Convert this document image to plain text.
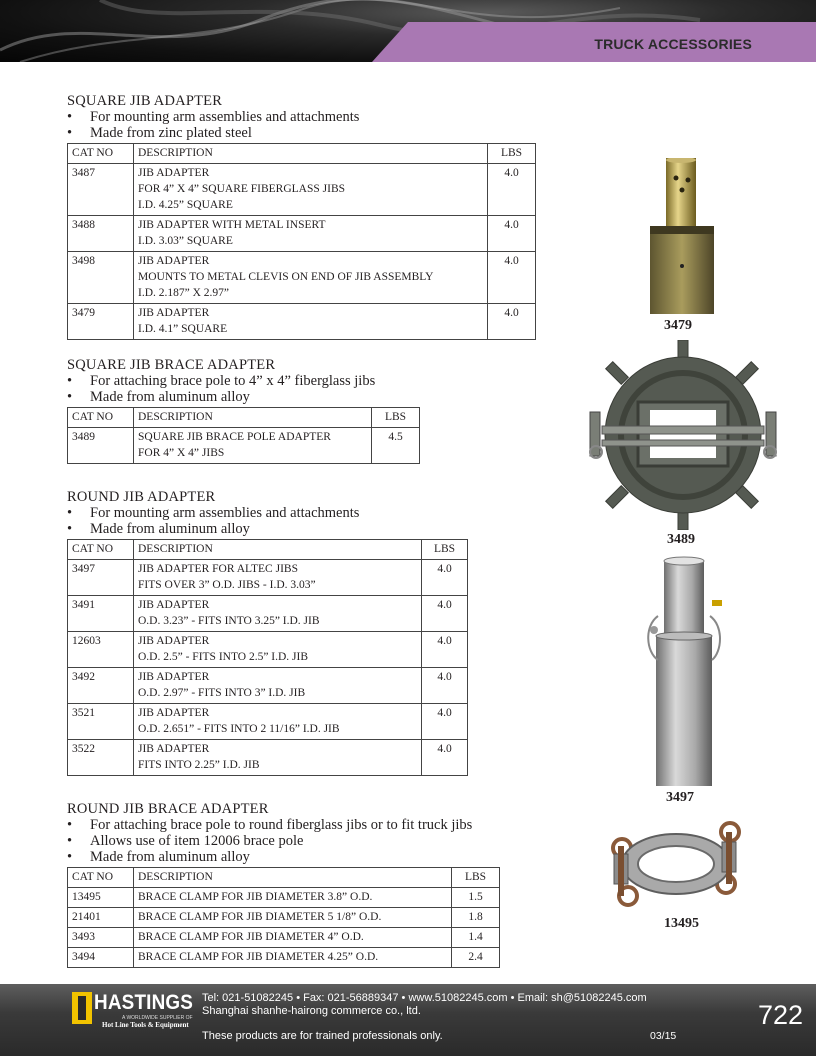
TRUCK ACCESSORIES
SQUARE JIB ADAPTER
• For mounting arm assemblies and attachments
• Made from zinc plated steel
CAT NO	DESCRIPTION	LBS
3487	JIB ADAPTER
FOR 4” X 4” SQUARE FIBERGLASS JIBS
I.D. 4.25” SQUARE	4.0
3488	JIB ADAPTER WITH METAL INSERT
I.D. 3.03” SQUARE	4.0
3498	JIB ADAPTER
MOUNTS TO METAL CLEVIS ON END OF JIB ASSEMBLY
I.D. 2.187” X 2.97”	4.0
3479	JIB ADAPTER
I.D. 4.1” SQUARE	4.0
SQUARE JIB BRACE ADAPTER
• For attaching brace pole to 4” x 4” fiberglass jibs
• Made from aluminum alloy
CAT NO	DESCRIPTION	LBS
3489	SQUARE JIB BRACE POLE ADAPTER
FOR 4” X 4” JIBS	4.5
ROUND JIB ADAPTER
• For mounting arm assemblies and attachments
• Made from aluminum alloy
CAT NO	DESCRIPTION	LBS
3497	JIB ADAPTER FOR ALTEC JIBS
FITS OVER 3” O.D. JIBS - I.D. 3.03”	4.0
3491	JIB ADAPTER
O.D. 3.23” - FITS INTO 3.25” I.D. JIB	4.0
12603	JIB ADAPTER
O.D. 2.5” - FITS INTO 2.5” I.D. JIB	4.0
3492	JIB ADAPTER
O.D. 2.97” - FITS INTO 3” I.D. JIB	4.0
3521	JIB ADAPTER
O.D. 2.651” - FITS INTO 2 11/16” I.D. JIB	4.0
3522	JIB ADAPTER
FITS INTO 2.25” I.D. JIB	4.0
ROUND JIB BRACE ADAPTER
• For attaching brace pole to round fiberglass jibs or to fit truck jibs
• Allows use of item 12006 brace pole
• Made from aluminum alloy
CAT NO	DESCRIPTION	LBS
13495	BRACE CLAMP FOR JIB DIAMETER 3.8” O.D.	1.5
21401	BRACE CLAMP FOR JIB DIAMETER 5 1/8” O.D.	1.8
3493	BRACE CLAMP FOR JIB DIAMETER 4” O.D.	1.4
3494	BRACE CLAMP FOR JIB DIAMETER 4.25” O.D.	2.4
3479
3489
3497
13495
HASTINGS
A WORLDWIDE SUPPLIER OF
Hot Line Tools & Equipment
Tel: 021-51082245 • Fax: 021-56889347 • www.51082245.com • Email: sh@51082245.com
Shanghai shanhe-hairong commerce co., ltd.
These products are for trained professionals only.	03/15
722
